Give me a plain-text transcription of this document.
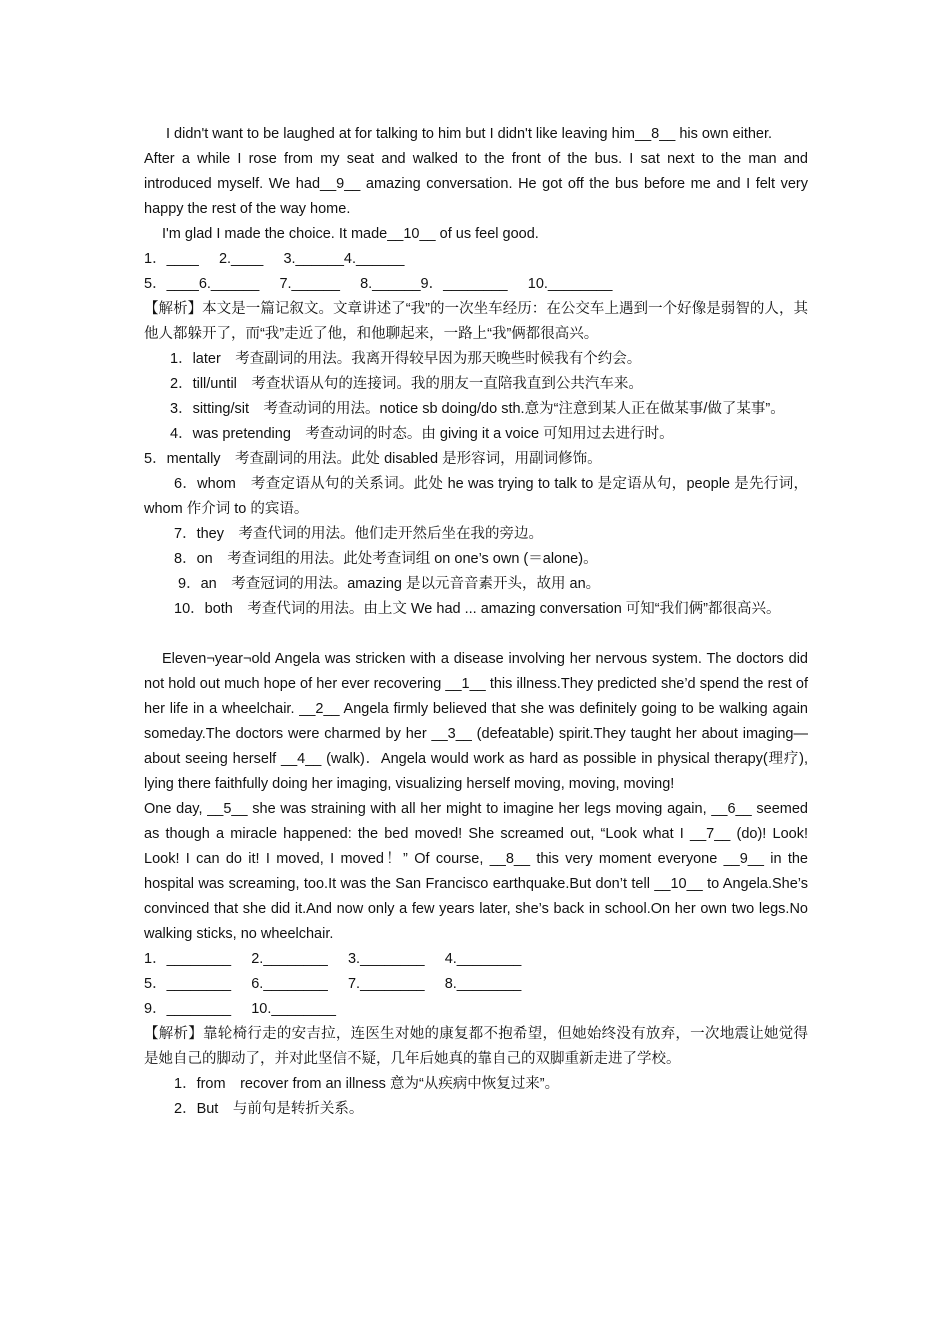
I didn't want to be laughed at for talking to him but I didn't like leaving him__8__ his own either.

After a while I rose from my seat and walked to the front of the bus. I sat next to the man and introduced myself. We had__9__ amazing conversation. He got off the bus before me and I felt very happy the rest of the way home.

I'm glad I made the choice. It made__10__ of us feel good.

1．____     2.____     3.______4.______

5．____6.______     7.______     8.______9．________     10.________

【解析】本文是一篇记叙文。文章讲述了“我”的一次坐车经历：在公交车上遇到一个好像是弱智的人，其他人都躲开了，而“我”走近了他，和他聊起来，一路上“我”俩都很高兴。

1．later　考查副词的用法。我离开得较早因为那天晚些时候我有个约会。

2．till/until　考查状语从句的连接词。我的朋友一直陪我直到公共汽车来。

3．sitting/sit　考查动词的用法。notice sb doing/do sth.意为“注意到某人正在做某事/做了某事”。

4．was pretending　考查动词的时态。由 giving it a voice 可知用过去进行时。

5．mentally　考查副词的用法。此处 disabled 是形容词，用副词修饰。

6．whom　考查定语从句的关系词。此处 he was trying to talk to 是定语从句，people 是先行词，whom 作介词 to 的宾语。

7．they　考查代词的用法。他们走开然后坐在我的旁边。

8．on　考查词组的用法。此处考查词组 on one’s own (＝alone)。

9．an　考查冠词的用法。amazing 是以元音音素开头，故用 an。

10．both　考查代词的用法。由上文 We had ... amazing conversation 可知“我们俩”都很高兴。

Eleven¬year¬old Angela was stricken with a disease involving her nervous system. The doctors did not hold out much hope of her ever recovering __1__ this illness.They predicted she’d spend the rest of her life in a wheelchair. __2__ Angela firmly believed that she was definitely going to be walking again someday.The doctors were charmed by her __3__ (defeatable) spirit.They taught her about imaging—about seeing herself __4__ (walk)．Angela would work as hard as possible in physical therapy(理疗), lying there faithfully doing her imaging, visualizing herself moving, moving, moving!

One day, __5__ she was straining with all her might to imagine her legs moving again, __6__ seemed as though a miracle happened: the bed moved! She screamed out, “Look what I __7__ (do)! Look! Look! I can do it! I moved, I moved！” Of course, __8__ this very moment everyone __9__ in the hospital was screaming, too.It was the San Francisco earthquake.But don’t tell __10__ to Angela.She’s convinced that she did it.And now only a few years later, she’s back in school.On her own two legs.No walking sticks, no wheelchair.

1．________     2.________     3.________     4.________

5．________     6.________     7.________     8.________

9．________     10.________

【解析】靠轮椅行走的安吉拉，连医生对她的康复都不抱希望，但她始终没有放弃，一次地震让她觉得是她自己的脚动了，并对此坚信不疑，几年后她真的靠自己的双脚重新走进了学校。

1．from　recover from an illness 意为“从疾病中恢复过来”。

2．But　与前句是转折关系。
